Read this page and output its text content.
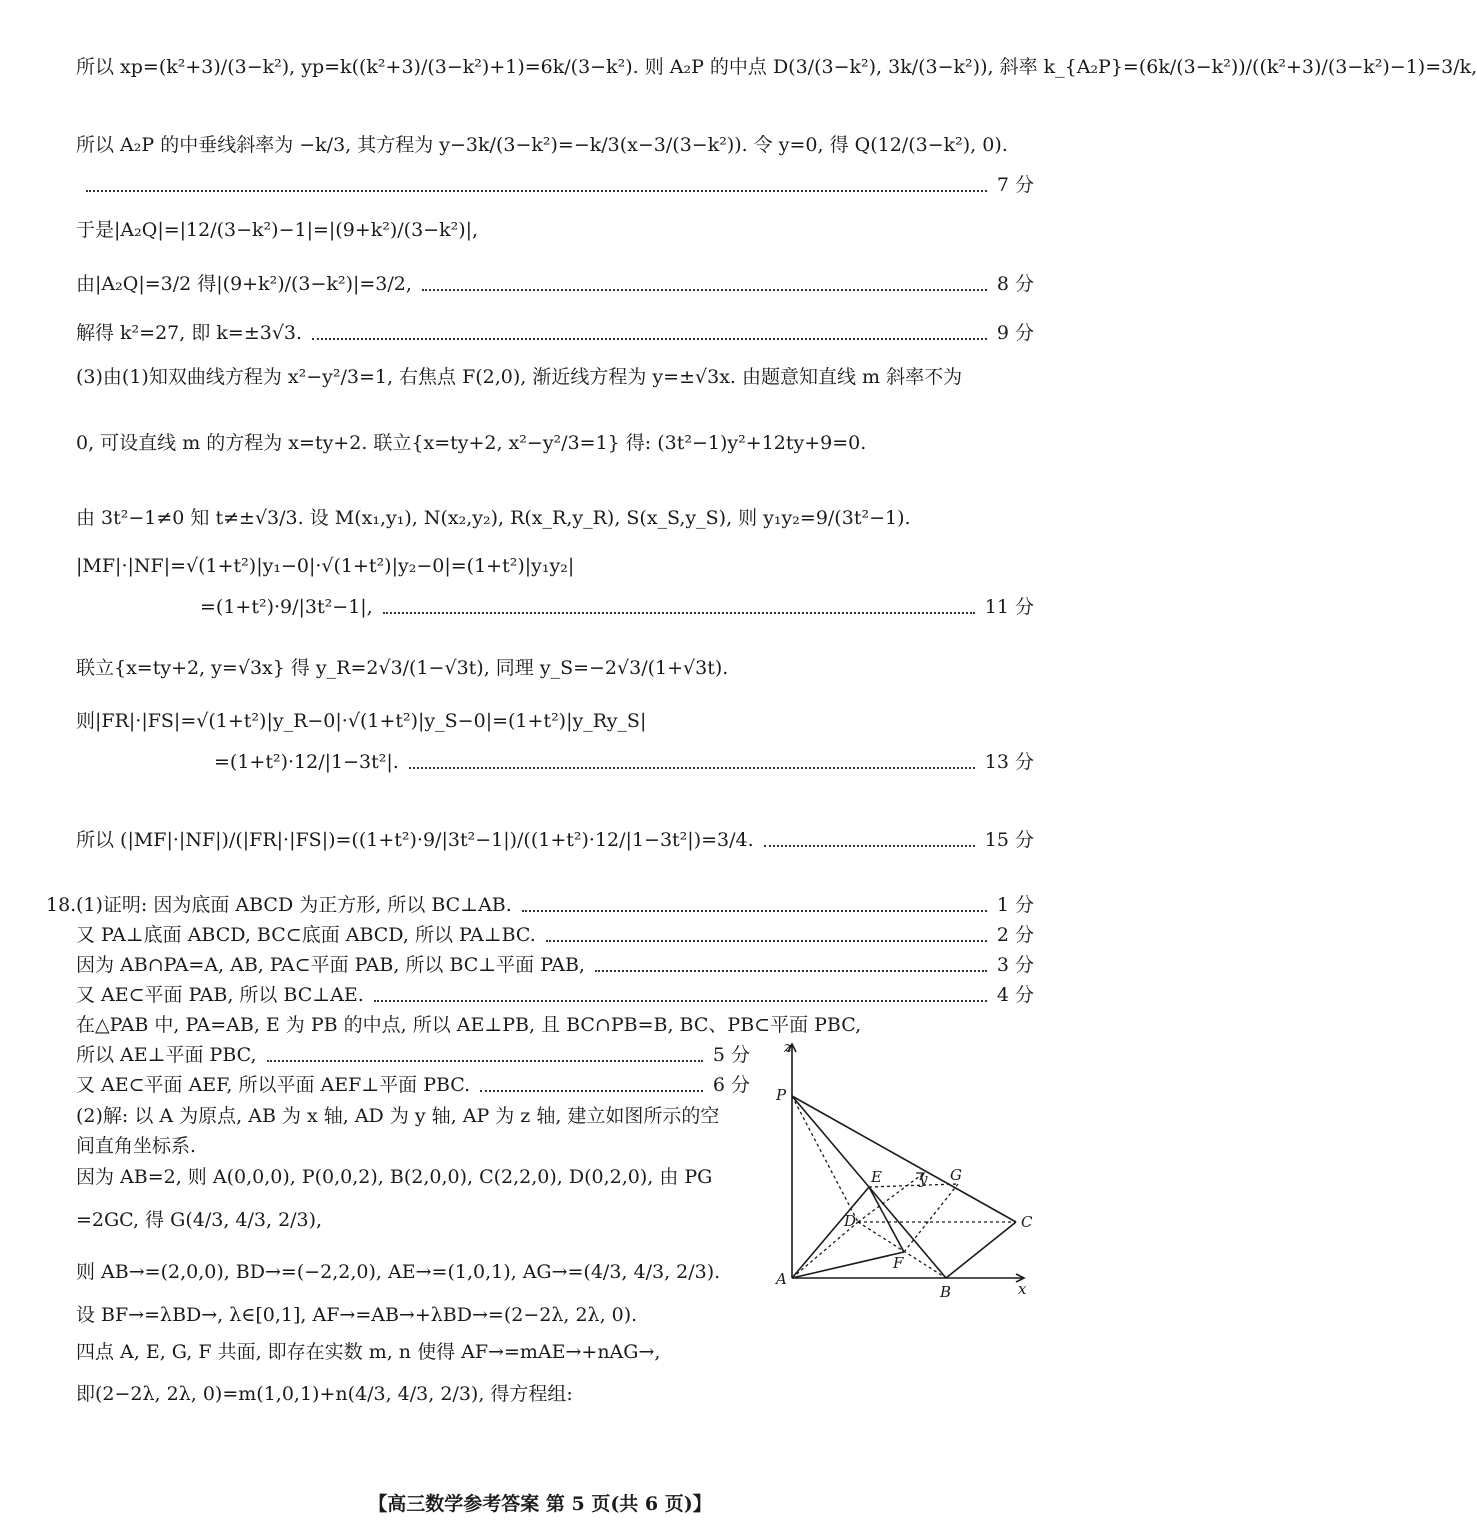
所以 xp=(k²+3)/(3−k²), yp=k((k²+3)/(3−k²)+1)=6k/(3−k²). 则 A₂P 的中点 D(3/(3−k²), 3k/(3−k²)), 斜率 k_{A₂P}=(6k/(3−k²))/((k²+3)/(3−k²)−1)=3/k,
所以 A₂P 的中垂线斜率为 −k/3, 其方程为 y−3k/(3−k²)=−k/3(x−3/(3−k²)). 令 y=0, 得 Q(12/(3−k²), 0).
7 分
于是|A₂Q|=|12/(3−k²)−1|=|(9+k²)/(3−k²)|,
由|A₂Q|=3/2 得|(9+k²)/(3−k²)|=3/2,	8 分
解得 k²=27, 即 k=±3√3.	9 分
(3)由(1)知双曲线方程为 x²−y²/3=1, 右焦点 F(2,0), 渐近线方程为 y=±√3x. 由题意知直线 m 斜率不为
0, 可设直线 m 的方程为 x=ty+2. 联立{x=ty+2, x²−y²/3=1} 得: (3t²−1)y²+12ty+9=0.
由 3t²−1≠0 知 t≠±√3/3. 设 M(x₁,y₁), N(x₂,y₂), R(x_R,y_R), S(x_S,y_S), 则 y₁y₂=9/(3t²−1).
|MF|·|NF|=√(1+t²)|y₁−0|·√(1+t²)|y₂−0|=(1+t²)|y₁y₂|
=(1+t²)·9/|3t²−1|,	11 分
联立{x=ty+2, y=√3x} 得 y_R=2√3/(1−√3t), 同理 y_S=−2√3/(1+√3t).
则|FR|·|FS|=√(1+t²)|y_R−0|·√(1+t²)|y_S−0|=(1+t²)|y_Ry_S|
=(1+t²)·12/|1−3t²|.	13 分
所以 (|MF|·|NF|)/(|FR|·|FS|)=((1+t²)·9/|3t²−1|)/((1+t²)·12/|1−3t²|)=3/4.	15 分
18. (1)证明: 因为底面 ABCD 为正方形, 所以 BC⊥AB.	1 分
又 PA⊥底面 ABCD, BC⊂底面 ABCD, 所以 PA⊥BC.	2 分
因为 AB∩PA=A, AB, PA⊂平面 PAB, 所以 BC⊥平面 PAB,	3 分
又 AE⊂平面 PAB, 所以 BC⊥AE.	4 分
在△PAB 中, PA=AB, E 为 PB 的中点, 所以 AE⊥PB, 且 BC∩PB=B, BC、PB⊂平面 PBC,
所以 AE⊥平面 PBC,	5 分
又 AE⊂平面 AEF, 所以平面 AEF⊥平面 PBC.	6 分
(2)解: 以 A 为原点, AB 为 x 轴, AD 为 y 轴, AP 为 z 轴, 建立如图所示的空
间直角坐标系.
因为 AB=2, 则 A(0,0,0), P(0,0,2), B(2,0,0), C(2,2,0), D(0,2,0), 由 PG
=2GC, 得 G(4/3, 4/3, 2/3),
则 AB→=(2,0,0), BD→=(−2,2,0), AE→=(1,0,1), AG→=(4/3, 4/3, 2/3).
设 BF→=λBD→, λ∈[0,1], AF→=AB→+λBD→=(2−2λ, 2λ, 0).
四点 A, E, G, F 共面, 即存在实数 m, n 使得 AF→=mAE→+nAG→,
即(2−2λ, 2λ, 0)=m(1,0,1)+n(4/3, 4/3, 2/3), 得方程组:
z
P
E	G
y
D	C
F
A
B	x
【高三数学参考答案 第 5 页(共 6 页)】
